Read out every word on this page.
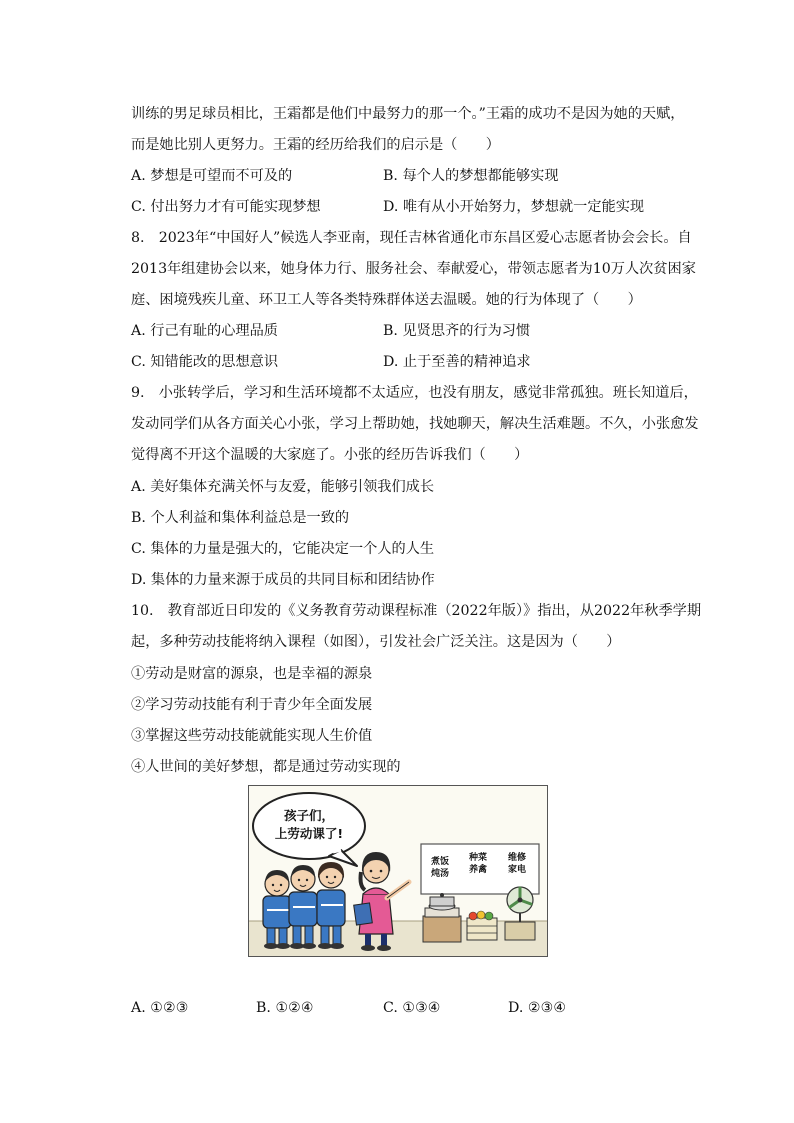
训练的男足球员相比，王霜都是他们中最努力的那一个。”王霜的成功不是因为她的天赋，
而是她比别人更努力。王霜的经历给我们的启示是（　　）
A. 梦想是可望而不可及的	B. 每个人的梦想都能够实现
C. 付出努力才有可能实现梦想	D. 唯有从小开始努力，梦想就一定能实现
8.　2023年“中国好人”候选人李亚南，现任吉林省通化市东昌区爱心志愿者协会会长。自
2013年组建协会以来，她身体力行、服务社会、奉献爱心，带领志愿者为10万人次贫困家
庭、困境残疾儿童、环卫工人等各类特殊群体送去温暖。她的行为体现了（　　）
A. 行己有耻的心理品质	B. 见贤思齐的行为习惯
C. 知错能改的思想意识	D. 止于至善的精神追求
9.　小张转学后，学习和生活环境都不太适应，也没有朋友，感觉非常孤独。班长知道后，
发动同学们从各方面关心小张，学习上帮助她，找她聊天，解决生活难题。不久，小张愈发
觉得离不开这个温暖的大家庭了。小张的经历告诉我们（　　）
A. 美好集体充满关怀与友爱，能够引领我们成长
B. 个人利益和集体利益总是一致的
C. 集体的力量是强大的，它能决定一个人的人生
D. 集体的力量来源于成员的共同目标和团结协作
10.　教育部近日印发的《义务教育劳动课程标准（2022年版）》指出，从2022年秋季学期
起，多种劳动技能将纳入课程（如图），引发社会广泛关注。这是因为（　　）
①劳动是财富的源泉，也是幸福的源泉
②学习劳动技能有利于青少年全面发展
③掌握这些劳动技能就能实现人生价值
④人世间的美好梦想，都是通过劳动实现的
孩子们，
上劳动课了!
煮饭
炖汤
种菜
养禽
维修
家电
A. ①②③	B. ①②④	C. ①③④	D. ②③④
